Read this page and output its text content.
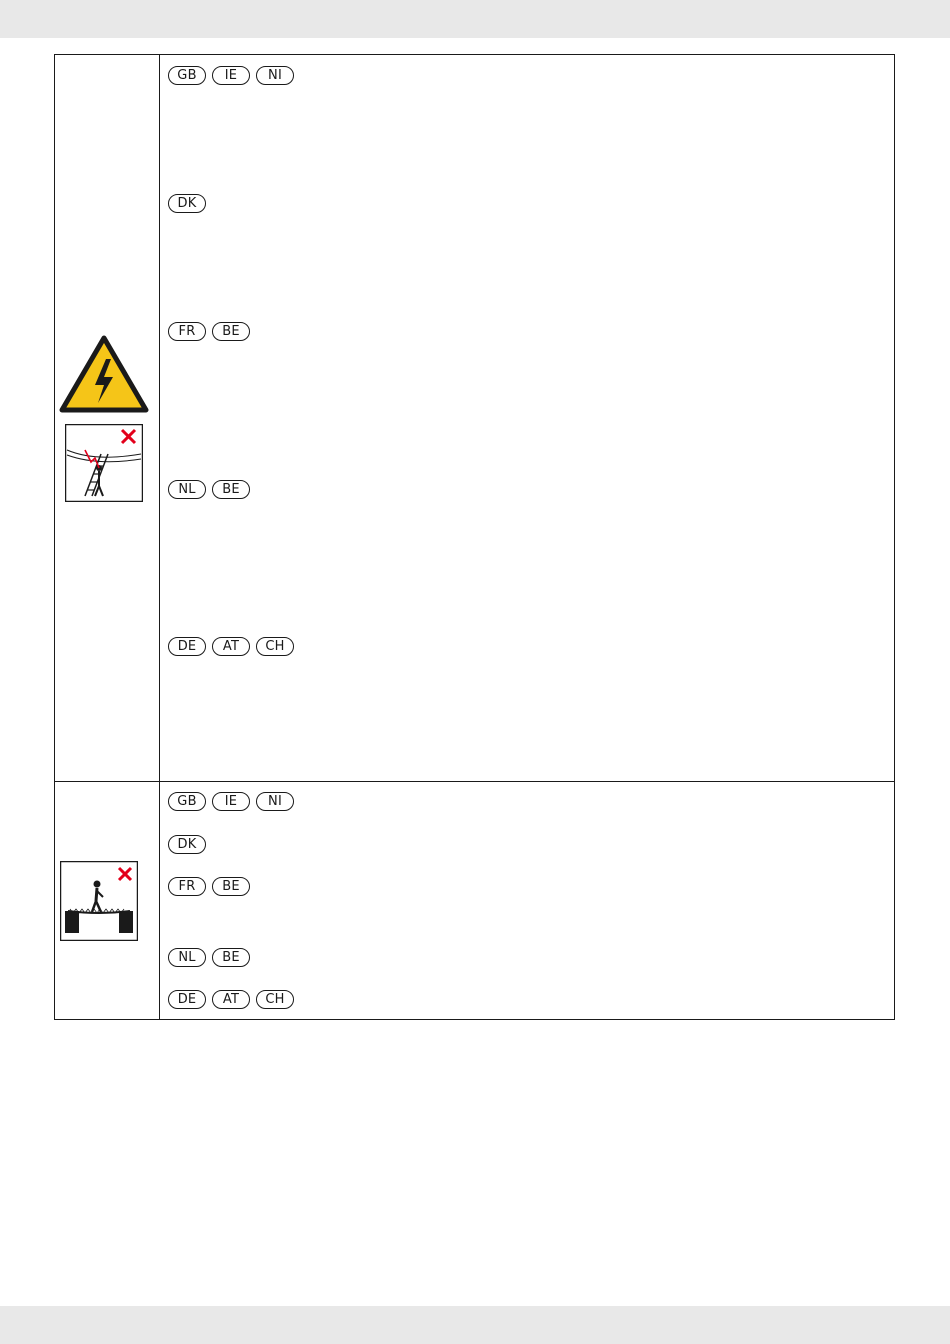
GB	IE	NI
DK
FR	BE
NL	BE
DE	AT	CH
GB	IE	NI
DK
FR	BE
NL	BE
DE	AT	CH
